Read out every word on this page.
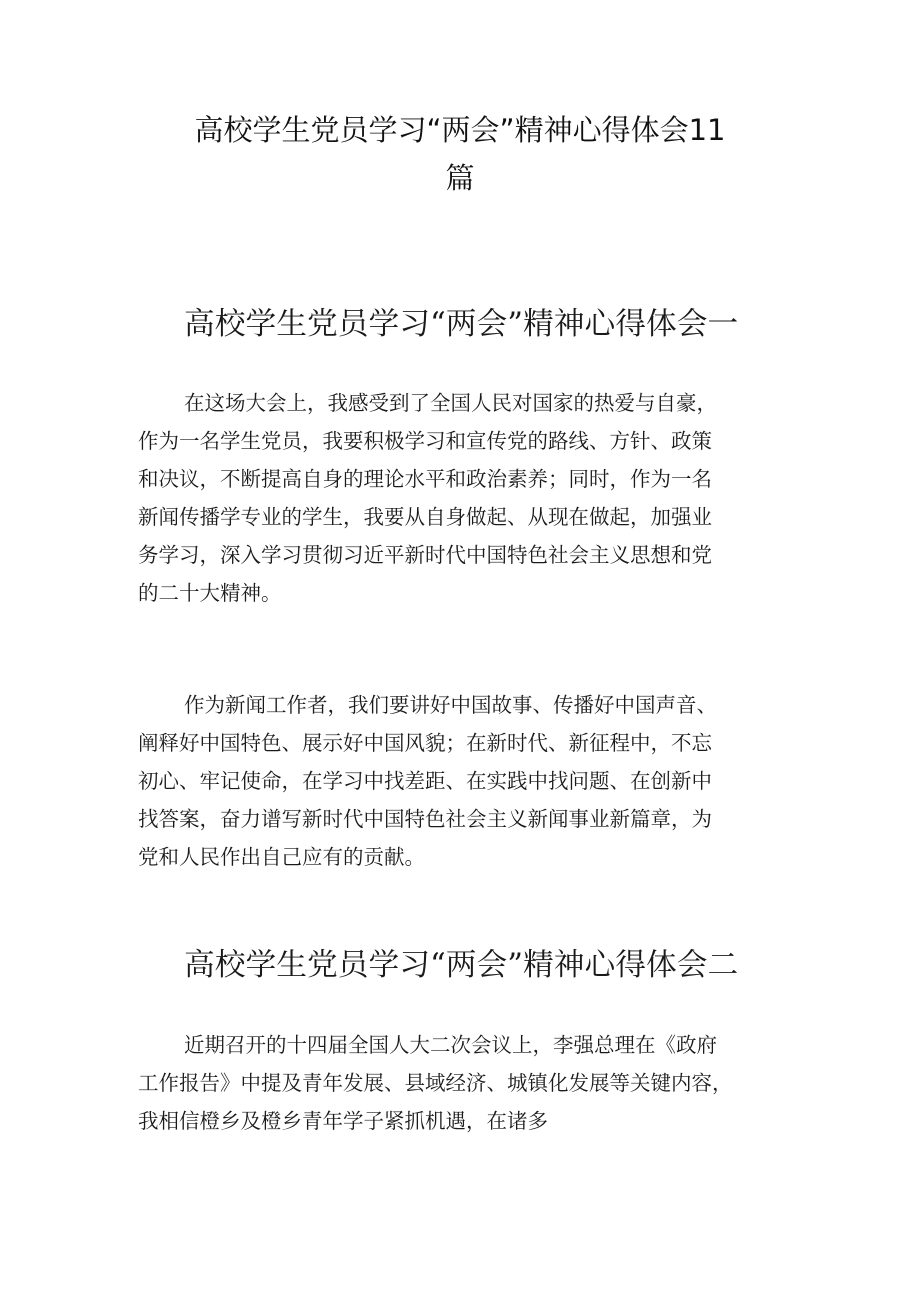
高校学生党员学习“两会”精神心得体会11
篇
高校学生党员学习“两会”精神心得体会一

在这场大会上，我感受到了全国人民对国家的热爱与自豪，
作为一名学生党员，我要积极学习和宣传党的路线、方针、政策
和决议，不断提高自身的理论水平和政治素养；同时，作为一名
新闻传播学专业的学生，我要从自身做起、从现在做起，加强业
务学习，深入学习贯彻习近平新时代中国特色社会主义思想和党
的二十大精神。

作为新闻工作者，我们要讲好中国故事、传播好中国声音、
阐释好中国特色、展示好中国风貌；在新时代、新征程中，不忘
初心、牢记使命，在学习中找差距、在实践中找问题、在创新中
找答案，奋力谱写新时代中国特色社会主义新闻事业新篇章，为
党和人民作出自己应有的贡献。

高校学生党员学习“两会”精神心得体会二

近期召开的十四届全国人大二次会议上，李强总理在《政府
工作报告》中提及青年发展、县域经济、城镇化发展等关键内容，
我相信橙乡及橙乡青年学子紧抓机遇，在诸多
